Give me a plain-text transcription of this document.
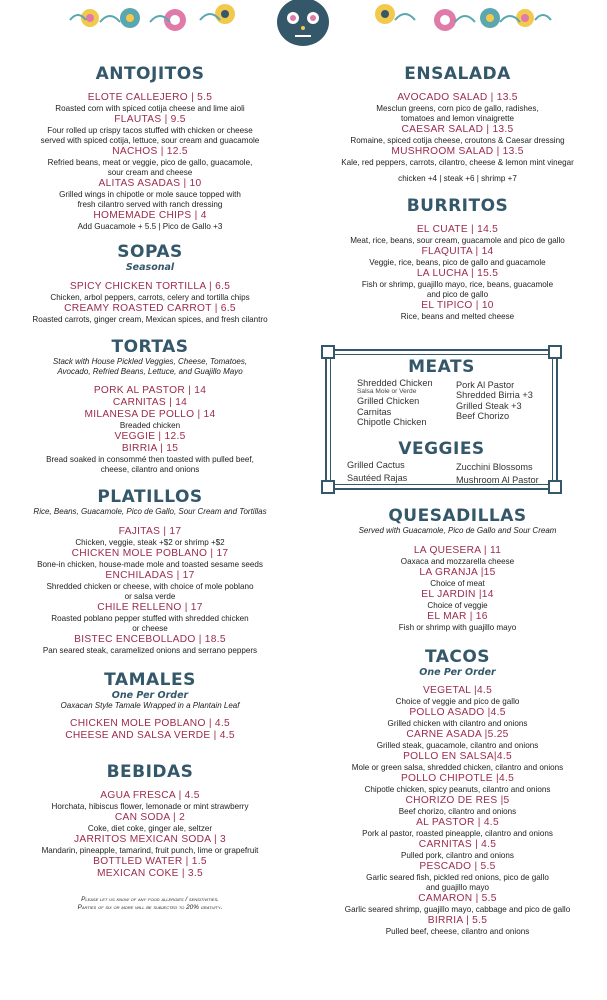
ANTOJITOS
ELOTE CALLEJERO | 5.5
Roasted corn with spiced cotija cheese and lime aioli
FLAUTAS | 9.5
Four rolled up crispy tacos stuffed with chicken or cheese
served with spiced cotija, lettuce, sour cream and guacamole
NACHOS | 12.5
Refried beans, meat or veggie, pico de gallo, guacamole,
sour cream and cheese
ALITAS ASADAS | 10
Grilled wings in chipotle or mole sauce topped with
fresh cilantro served with ranch dressing
HOMEMADE CHIPS | 4
Add Guacamole + 5.5 | Pico de Gallo +3
SOPAS
Seasonal
SPICY CHICKEN TORTILLA | 6.5
Chicken, arbol peppers, carrots, celery and tortilla chips
CREAMY ROASTED CARROT | 6.5
Roasted carrots, ginger cream, Mexican spices, and fresh cilantro
TORTAS
Stack with House Pickled Veggies, Cheese, Tomatoes,
Avocado, Refried Beans, Lettuce, and Guajillo Mayo
PORK AL PASTOR | 14
CARNITAS | 14
MILANESA DE POLLO | 14
Breaded chicken
VEGGIE | 12.5
BIRRIA | 15
Bread soaked in consommé then toasted with pulled beef,
cheese, cilantro and onions
PLATILLOS
Rice, Beans, Guacamole, Pico de Gallo, Sour Cream and Tortillas
FAJITAS | 17
Chicken, veggie, steak +$2 or shrimp +$2
CHICKEN MOLE POBLANO | 17
Bone-in chicken, house-made mole and toasted sesame seeds
ENCHILADAS | 17
Shredded chicken or cheese, with choice of mole poblano
or salsa verde
CHILE RELLENO | 17
Roasted poblano pepper stuffed with shredded chicken
or cheese
BISTEC ENCEBOLLADO | 18.5
Pan seared steak, caramelized onions and serrano peppers
TAMALES
One Per Order
Oaxacan Style Tamale Wrapped in a Plantain Leaf
CHICKEN MOLE POBLANO | 4.5
CHEESE AND SALSA VERDE | 4.5
BEBIDAS
AGUA FRESCA | 4.5
Horchata, hibiscus flower, lemonade or mint strawberry
CAN SODA | 2
Coke, diet coke, ginger ale, seltzer
JARRITOS MEXICAN SODA | 3
Mandarin, pineapple, tamarind, fruit punch, lime or grapefruit
BOTTLED WATER | 1.5
MEXICAN COKE | 3.5
Please let us know of any food allergies / sensitivities.
Parties of six or more will be subjected to 20% gratuity.
ENSALADA
AVOCADO SALAD | 13.5
Mesclun greens, corn pico de gallo, radishes,
tomatoes and lemon vinaigrette
CAESAR SALAD | 13.5
Romaine, spiced cotija cheese, croutons & Caesar dressing
MUSHROOM SALAD | 13.5
Kale, red peppers, carrots, cilantro, cheese & lemon mint vinegar
chicken +4 | steak +6 | shrimp +7
BURRITOS
EL CUATE | 14.5
Meat, rice, beans, sour cream, guacamole and pico de gallo
FLAQUITA | 14
Veggie, rice, beans, pico de gallo and guacamole
LA LUCHA | 15.5
Fish or shrimp, guajillo mayo, rice, beans, guacamole
and pico de gallo
EL TIPICO | 10
Rice, beans and melted cheese
QUESADILLAS
Served with Guacamole, Pico de Gallo and Sour Cream
LA QUESERA | 11
Oaxaca and mozzarella cheese
LA GRANJA |15
Choice of meat
EL JARDIN |14
Choice of veggie
EL MAR | 16
Fish or shrimp with guajillo mayo
TACOS
One Per Order
VEGETAL |4.5
Choice of veggie and pico de gallo
POLLO ASADO |4.5
Grilled chicken with cilantro and onions
CARNE ASADA |5.25
Grilled steak, guacamole, cilantro and onions
POLLO EN SALSA|4.5
Mole or green salsa, shredded chicken, cilantro and onions
POLLO CHIPOTLE |4.5
Chipotle chicken, spicy peanuts, cilantro and onions
CHORIZO DE RES |5
Beef chorizo, cilantro and onions
AL PASTOR | 4.5
Pork al pastor, roasted pineapple, cilantro and onions
CARNITAS | 4.5
Pulled pork, cilantro and onions
PESCADO | 5.5
Garlic seared fish, pickled red onions, pico de gallo
and guajillo mayo
CAMARON | 5.5
Garlic seared shrimp, guajillo mayo, cabbage and pico de gallo
BIRRIA | 5.5
Pulled beef, cheese, cilantro and onions
MEATS
Shredded Chicken
Salsa Mole or Verde
Grilled Chicken
Carnitas
Chipotle Chicken
Pork Al Pastor
Shredded Birria +3
Grilled Steak +3
Beef Chorizo
VEGGIES
Grilled Cactus
Sautéed Rajas
Zucchini Blossoms
Mushroom Al Pastor
